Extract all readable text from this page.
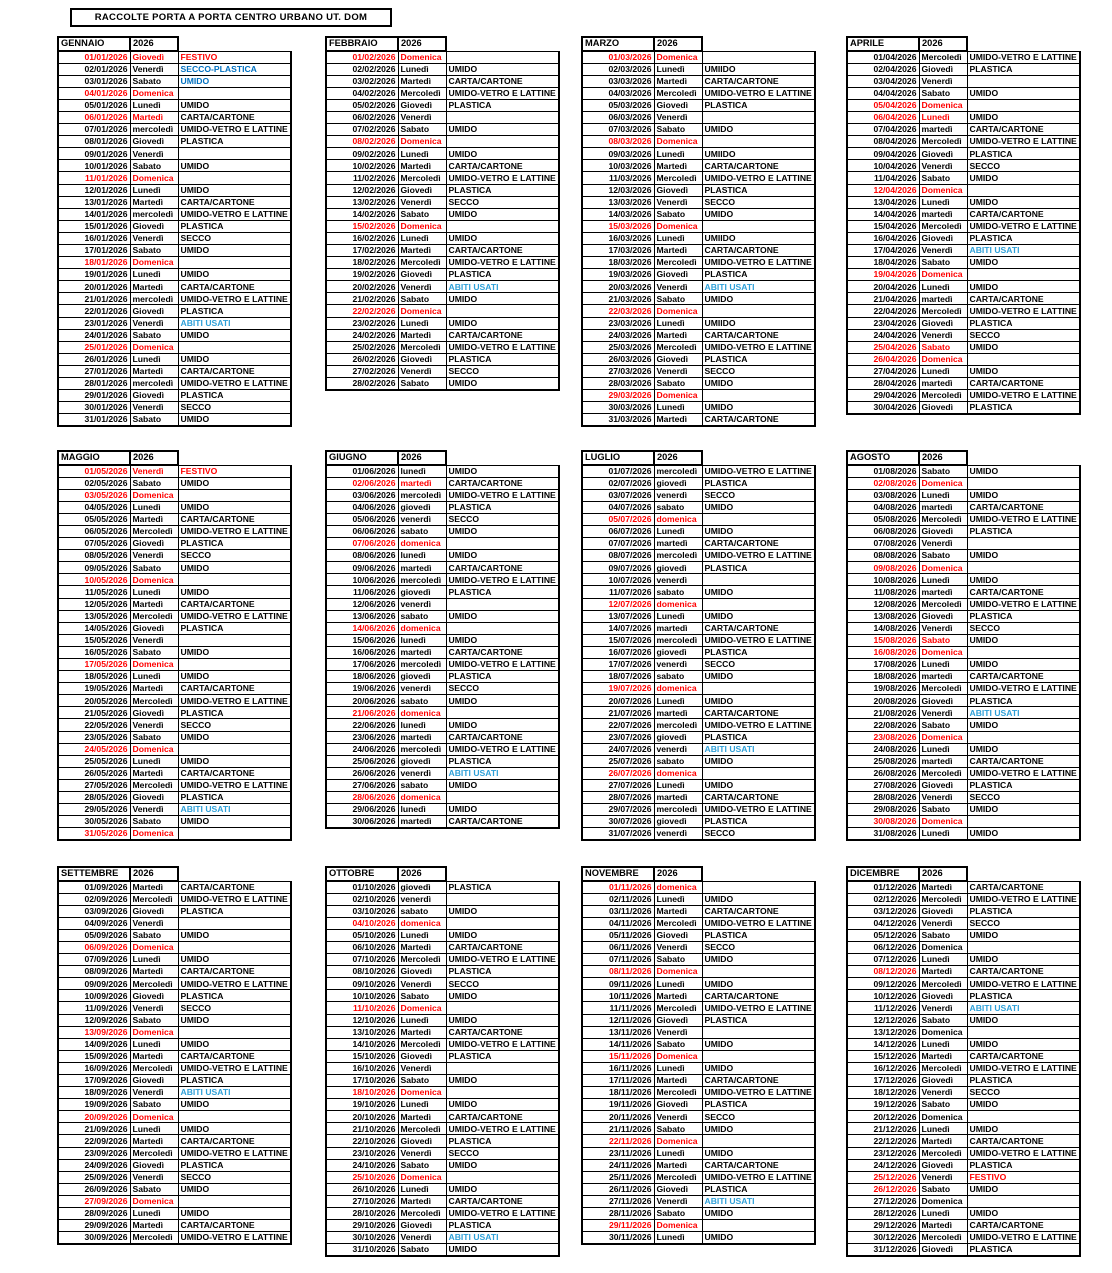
RACCOLTE PORTA A PORTA CENTRO URBANO UT. DOM
GENNAIO	2026	
01/01/2026	Giovedì	FESTIVO
02/01/2026	Venerdì	SECCO-PLASTICA
03/01/2026	Sabato	UMIDO
04/01/2026	Domenica	
05/01/2026	Lunedì	UMIDO
06/01/2026	Martedì	CARTA/CARTONE
07/01/2026	mercoledì	UMIDO-VETRO E LATTINE
08/01/2026	Giovedì	PLASTICA
09/01/2026	Venerdì	
10/01/2026	Sabato	UMIDO
11/01/2026	Domenica	
12/01/2026	Lunedì	UMIDO
13/01/2026	Martedì	CARTA/CARTONE
14/01/2026	mercoledì	UMIDO-VETRO E LATTINE
15/01/2026	Giovedì	PLASTICA
16/01/2026	Venerdì	SECCO
17/01/2026	Sabato	UMIDO
18/01/2026	Domenica	
19/01/2026	Lunedì	UMIDO
20/01/2026	Martedì	CARTA/CARTONE
21/01/2026	mercoledì	UMIDO-VETRO E LATTINE
22/01/2026	Giovedì	PLASTICA
23/01/2026	Venerdì	ABITI USATI
24/01/2026	Sabato	UMIDO
25/01/2026	Domenica	
26/01/2026	Lunedì	UMIDO
27/01/2026	Martedì	CARTA/CARTONE
28/01/2026	mercoledì	UMIDO-VETRO E LATTINE
29/01/2026	Giovedì	PLASTICA
30/01/2026	Venerdì	SECCO
31/01/2026	Sabato	UMIDO
FEBBRAIO	2026	
01/02/2026	Domenica	
02/02/2026	Lunedì	UMIDO
03/02/2026	Martedì	CARTA/CARTONE
04/02/2026	Mercoledì	UMIDO-VETRO E LATTINE
05/02/2026	Giovedì	PLASTICA
06/02/2026	Venerdì	
07/02/2026	Sabato	UMIDO
08/02/2026	Domenica	
09/02/2026	Lunedì	UMIDO
10/02/2026	Martedì	CARTA/CARTONE
11/02/2026	Mercoledì	UMIDO-VETRO E LATTINE
12/02/2026	Giovedì	PLASTICA
13/02/2026	Venerdì	SECCO
14/02/2026	Sabato	UMIDO
15/02/2026	Domenica	
16/02/2026	Lunedì	UMIDO
17/02/2026	Martedì	CARTA/CARTONE
18/02/2026	Mercoledì	UMIDO-VETRO E LATTINE
19/02/2026	Giovedì	PLASTICA
20/02/2026	Venerdì	ABITI USATI
21/02/2026	Sabato	UMIDO
22/02/2026	Domenica	
23/02/2026	Lunedì	UMIDO
24/02/2026	Martedì	CARTA/CARTONE
25/02/2026	Mercoledì	UMIDO-VETRO E LATTINE
26/02/2026	Giovedì	PLASTICA
27/02/2026	Venerdì	SECCO
28/02/2026	Sabato	UMIDO
MARZO	2026	
01/03/2026	Domenica	
02/03/2026	Lunedì	UMIIDO
03/03/2026	Martedì	CARTA/CARTONE
04/03/2026	Mercoledì	UMIDO-VETRO E LATTINE
05/03/2026	Giovedì	PLASTICA
06/03/2026	Venerdì	
07/03/2026	Sabato	UMIDO
08/03/2026	Domenica	
09/03/2026	Lunedì	UMIIDO
10/03/2026	Martedì	CARTA/CARTONE
11/03/2026	Mercoledì	UMIDO-VETRO E LATTINE
12/03/2026	Giovedì	PLASTICA
13/03/2026	Venerdì	SECCO
14/03/2026	Sabato	UMIDO
15/03/2026	Domenica	
16/03/2026	Lunedì	UMIIDO
17/03/2026	Martedì	CARTA/CARTONE
18/03/2026	Mercoledì	UMIDO-VETRO E LATTINE
19/03/2026	Giovedì	PLASTICA
20/03/2026	Venerdì	ABITI USATI
21/03/2026	Sabato	UMIDO
22/03/2026	Domenica	
23/03/2026	Lunedì	UMIIDO
24/03/2026	Martedì	CARTA/CARTONE
25/03/2026	Mercoledì	UMIDO-VETRO E LATTINE
26/03/2026	Giovedì	PLASTICA
27/03/2026	Venerdì	SECCO
28/03/2026	Sabato	UMIDO
29/03/2026	Domenica	
30/03/2026	Lunedì	UMIDO
31/03/2026	Martedì	CARTA/CARTONE
APRILE	2026	
01/04/2026	Mercoledì	UMIDO-VETRO E LATTINE
02/04/2026	Giovedì	PLASTICA
03/04/2026	Venerdì	
04/04/2026	Sabato	UMIDO
05/04/2026	Domenica	
06/04/2026	Lunedì	UMIDO
07/04/2026	martedì	CARTA/CARTONE
08/04/2026	Mercoledì	UMIDO-VETRO E LATTINE
09/04/2026	Giovedì	PLASTICA
10/04/2026	Venerdì	SECCO
11/04/2026	Sabato	UMIDO
12/04/2026	Domenica	
13/04/2026	Lunedì	UMIDO
14/04/2026	martedì	CARTA/CARTONE
15/04/2026	Mercoledì	UMIDO-VETRO E LATTINE
16/04/2026	Giovedì	PLASTICA
17/04/2026	Venerdì	ABITI USATI
18/04/2026	Sabato	UMIDO
19/04/2026	Domenica	
20/04/2026	Lunedì	UMIDO
21/04/2026	martedì	CARTA/CARTONE
22/04/2026	Mercoledì	UMIDO-VETRO E LATTINE
23/04/2026	Giovedì	PLASTICA
24/04/2026	Venerdì	SECCO
25/04/2026	Sabato	UMIDO
26/04/2026	Domenica	
27/04/2026	Lunedì	UMIDO
28/04/2026	martedì	CARTA/CARTONE
29/04/2026	Mercoledì	UMIDO-VETRO E LATTINE
30/04/2026	Giovedì	PLASTICA
MAGGIO	2026	
01/05/2026	Venerdì	FESTIVO
02/05/2026	Sabato	UMIDO
03/05/2026	Domenica	
04/05/2026	Lunedì	UMIDO
05/05/2026	Martedì	CARTA/CARTONE
06/05/2026	Mercoledì	UMIDO-VETRO E LATTINE
07/05/2026	Giovedì	PLASTICA
08/05/2026	Venerdì	SECCO
09/05/2026	Sabato	UMIDO
10/05/2026	Domenica	
11/05/2026	Lunedì	UMIDO
12/05/2026	Martedì	CARTA/CARTONE
13/05/2026	Mercoledì	UMIDO-VETRO E LATTINE
14/05/2026	Giovedì	PLASTICA
15/05/2026	Venerdì	
16/05/2026	Sabato	UMIDO
17/05/2026	Domenica	
18/05/2026	Lunedì	UMIDO
19/05/2026	Martedì	CARTA/CARTONE
20/05/2026	Mercoledì	UMIDO-VETRO E LATTINE
21/05/2026	Giovedì	PLASTICA
22/05/2026	Venerdì	SECCO
23/05/2026	Sabato	UMIDO
24/05/2026	Domenica	
25/05/2026	Lunedì	UMIDO
26/05/2026	Martedì	CARTA/CARTONE
27/05/2026	Mercoledì	UMIDO-VETRO E LATTINE
28/05/2026	Giovedì	PLASTICA
29/05/2026	Venerdì	ABITI USATI
30/05/2026	Sabato	UMIDO
31/05/2026	Domenica	
GIUGNO	2026	
01/06/2026	lunedì	UMIDO
02/06/2026	martedì	CARTA/CARTONE
03/06/2026	mercoledì	UMIDO-VETRO E LATTINE
04/06/2026	giovedì	PLASTICA
05/06/2026	venerdì	SECCO
06/06/2026	sabato	UMIDO
07/06/2026	domenica	
08/06/2026	lunedì	UMIDO
09/06/2026	martedì	CARTA/CARTONE
10/06/2026	mercoledì	UMIDO-VETRO E LATTINE
11/06/2026	giovedì	PLASTICA
12/06/2026	venerdì	
13/06/2026	sabato	UMIDO
14/06/2026	domenica	
15/06/2026	lunedì	UMIDO
16/06/2026	martedì	CARTA/CARTONE
17/06/2026	mercoledì	UMIDO-VETRO E LATTINE
18/06/2026	giovedì	PLASTICA
19/06/2026	venerdì	SECCO
20/06/2026	sabato	UMIDO
21/06/2026	domenica	
22/06/2026	lunedì	UMIDO
23/06/2026	martedì	CARTA/CARTONE
24/06/2026	mercoledì	UMIDO-VETRO E LATTINE
25/06/2026	giovedì	PLASTICA
26/06/2026	venerdì	ABITI USATI
27/06/2026	sabato	UMIDO
28/06/2026	domenica	
29/06/2026	lunedì	UMIDO
30/06/2026	martedì	CARTA/CARTONE
LUGLIO	2026	
01/07/2026	mercoledì	UMIDO-VETRO E LATTINE
02/07/2026	giovedì	PLASTICA
03/07/2026	venerdì	SECCO
04/07/2026	sabato	UMIDO
05/07/2026	domenica	
06/07/2026	Lunedì	UMIDO
07/07/2026	martedì	CARTA/CARTONE
08/07/2026	mercoledì	UMIDO-VETRO E LATTINE
09/07/2026	giovedì	PLASTICA
10/07/2026	venerdì	
11/07/2026	sabato	UMIDO
12/07/2026	domenica	
13/07/2026	Lunedì	UMIDO
14/07/2026	martedì	CARTA/CARTONE
15/07/2026	mercoledì	UMIDO-VETRO E LATTINE
16/07/2026	giovedì	PLASTICA
17/07/2026	venerdì	SECCO
18/07/2026	sabato	UMIDO
19/07/2026	domenica	
20/07/2026	Lunedì	UMIDO
21/07/2026	martedì	CARTA/CARTONE
22/07/2026	mercoledì	UMIDO-VETRO E LATTINE
23/07/2026	giovedì	PLASTICA
24/07/2026	venerdì	ABITI USATI
25/07/2026	sabato	UMIDO
26/07/2026	domenica	
27/07/2026	Lunedì	UMIDO
28/07/2026	martedì	CARTA/CARTONE
29/07/2026	mercoledì	UMIDO-VETRO E LATTINE
30/07/2026	giovedì	PLASTICA
31/07/2026	venerdì	SECCO
AGOSTO	2026	
01/08/2026	Sabato	UMIDO
02/08/2026	Domenica	
03/08/2026	Lunedì	UMIDO
04/08/2026	martedì	CARTA/CARTONE
05/08/2026	Mercoledì	UMIDO-VETRO E LATTINE
06/08/2026	Giovedì	PLASTICA
07/08/2026	Venerdì	
08/08/2026	Sabato	UMIDO
09/08/2026	Domenica	
10/08/2026	Lunedì	UMIDO
11/08/2026	martedì	CARTA/CARTONE
12/08/2026	Mercoledì	UMIDO-VETRO E LATTINE
13/08/2026	Giovedì	PLASTICA
14/08/2026	Venerdì	SECCO
15/08/2026	Sabato	UMIDO
16/08/2026	Domenica	
17/08/2026	Lunedì	UMIDO
18/08/2026	martedì	CARTA/CARTONE
19/08/2026	Mercoledì	UMIDO-VETRO E LATTINE
20/08/2026	Giovedì	PLASTICA
21/08/2026	Venerdì	ABITI USATI
22/08/2026	Sabato	UMIDO
23/08/2026	Domenica	
24/08/2026	Lunedì	UMIDO
25/08/2026	martedì	CARTA/CARTONE
26/08/2026	Mercoledì	UMIDO-VETRO E LATTINE
27/08/2026	Giovedì	PLASTICA
28/08/2026	Venerdì	SECCO
29/08/2026	Sabato	UMIDO
30/08/2026	Domenica	
31/08/2026	Lunedì	UMIDO
SETTEMBRE	2026	
01/09/2026	Martedì	CARTA/CARTONE
02/09/2026	Mercoledì	UMIDO-VETRO E LATTINE
03/09/2026	Giovedì	PLASTICA
04/09/2026	Venerdì	
05/09/2026	Sabato	UMIDO
06/09/2026	Domenica	
07/09/2026	Lunedì	UMIDO
08/09/2026	Martedì	CARTA/CARTONE
09/09/2026	Mercoledì	UMIDO-VETRO E LATTINE
10/09/2026	Giovedì	PLASTICA
11/09/2026	Venerdì	SECCO
12/09/2026	Sabato	UMIDO
13/09/2026	Domenica	
14/09/2026	Lunedì	UMIDO
15/09/2026	Martedì	CARTA/CARTONE
16/09/2026	Mercoledì	UMIDO-VETRO E LATTINE
17/09/2026	Giovedì	PLASTICA
18/09/2026	Venerdì	ABITI USATI
19/09/2026	Sabato	UMIDO
20/09/2026	Domenica	
21/09/2026	Lunedì	UMIDO
22/09/2026	Martedì	CARTA/CARTONE
23/09/2026	Mercoledì	UMIDO-VETRO E LATTINE
24/09/2026	Giovedì	PLASTICA
25/09/2026	Venerdì	SECCO
26/09/2026	Sabato	UMIDO
27/09/2026	Domenica	
28/09/2026	Lunedì	UMIDO
29/09/2026	Martedì	CARTA/CARTONE
30/09/2026	Mercoledì	UMIDO-VETRO E LATTINE
OTTOBRE	2026	
01/10/2026	giovedì	PLASTICA
02/10/2026	venerdì	
03/10/2026	sabato	UMIDO
04/10/2026	domenica	
05/10/2026	Lunedì	UMIDO
06/10/2026	Martedì	CARTA/CARTONE
07/10/2026	Mercoledì	UMIDO-VETRO E LATTINE
08/10/2026	Giovedì	PLASTICA
09/10/2026	Venerdì	SECCO
10/10/2026	Sabato	UMIDO
11/10/2026	Domenica	
12/10/2026	Lunedì	UMIDO
13/10/2026	Martedì	CARTA/CARTONE
14/10/2026	Mercoledì	UMIDO-VETRO E LATTINE
15/10/2026	Giovedì	PLASTICA
16/10/2026	Venerdì	
17/10/2026	Sabato	UMIDO
18/10/2026	Domenica	
19/10/2026	Lunedì	UMIDO
20/10/2026	Martedì	CARTA/CARTONE
21/10/2026	Mercoledì	UMIDO-VETRO E LATTINE
22/10/2026	Giovedì	PLASTICA
23/10/2026	Venerdì	SECCO
24/10/2026	Sabato	UMIDO
25/10/2026	Domenica	
26/10/2026	Lunedì	UMIDO
27/10/2026	Martedì	CARTA/CARTONE
28/10/2026	Mercoledì	UMIDO-VETRO E LATTINE
29/10/2026	Giovedì	PLASTICA
30/10/2026	Venerdì	ABITI USATI
31/10/2026	Sabato	UMIDO
NOVEMBRE	2026	
01/11/2026	domenica	
02/11/2026	Lunedì	UMIDO
03/11/2026	Martedì	CARTA/CARTONE
04/11/2026	Mercoledì	UMIDO-VETRO E LATTINE
05/11/2026	Giovedì	PLASTICA
06/11/2026	Venerdì	SECCO
07/11/2026	Sabato	UMIDO
08/11/2026	Domenica	
09/11/2026	Lunedì	UMIDO
10/11/2026	Martedì	CARTA/CARTONE
11/11/2026	Mercoledì	UMIDO-VETRO E LATTINE
12/11/2026	Giovedì	PLASTICA
13/11/2026	Venerdì	
14/11/2026	Sabato	UMIDO
15/11/2026	Domenica	
16/11/2026	Lunedì	UMIDO
17/11/2026	Martedì	CARTA/CARTONE
18/11/2026	Mercoledì	UMIDO-VETRO E LATTINE
19/11/2026	Giovedì	PLASTICA
20/11/2026	Venerdì	SECCO
21/11/2026	Sabato	UMIDO
22/11/2026	Domenica	
23/11/2026	Lunedì	UMIDO
24/11/2026	Martedì	CARTA/CARTONE
25/11/2026	Mercoledì	UMIDO-VETRO E LATTINE
26/11/2026	Giovedì	PLASTICA
27/11/2026	Venerdì	ABITI USATI
28/11/2026	Sabato	UMIDO
29/11/2026	Domenica	
30/11/2026	Lunedì	UMIDO
DICEMBRE	2026	
01/12/2026	Martedì	CARTA/CARTONE
02/12/2026	Mercoledì	UMIDO-VETRO E LATTINE
03/12/2026	Giovedì	PLASTICA
04/12/2026	Venerdì	SECCO
05/12/2026	Sabato	UMIDO
06/12/2026	Domenica	
07/12/2026	Lunedì	UMIDO
08/12/2026	Martedì	CARTA/CARTONE
09/12/2026	Mercoledì	UMIDO-VETRO E LATTINE
10/12/2026	Giovedì	PLASTICA
11/12/2026	Venerdì	ABITI USATI
12/12/2026	Sabato	UMIDO
13/12/2026	Domenica	
14/12/2026	Lunedì	UMIDO
15/12/2026	Martedì	CARTA/CARTONE
16/12/2026	Mercoledì	UMIDO-VETRO E LATTINE
17/12/2026	Giovedì	PLASTICA
18/12/2026	Venerdì	SECCO
19/12/2026	Sabato	UMIDO
20/12/2026	Domenica	
21/12/2026	Lunedì	UMIDO
22/12/2026	Martedì	CARTA/CARTONE
23/12/2026	Mercoledì	UMIDO-VETRO E LATTINE
24/12/2026	Giovedì	PLASTICA
25/12/2026	Venerdì	FESTIVO
26/12/2026	Sabato	UMIDO
27/12/2026	Domenica	
28/12/2026	Lunedì	UMIDO
29/12/2026	Martedì	CARTA/CARTONE
30/12/2026	Mercoledì	UMIDO-VETRO E LATTINE
31/12/2026	Giovedì	PLASTICA
